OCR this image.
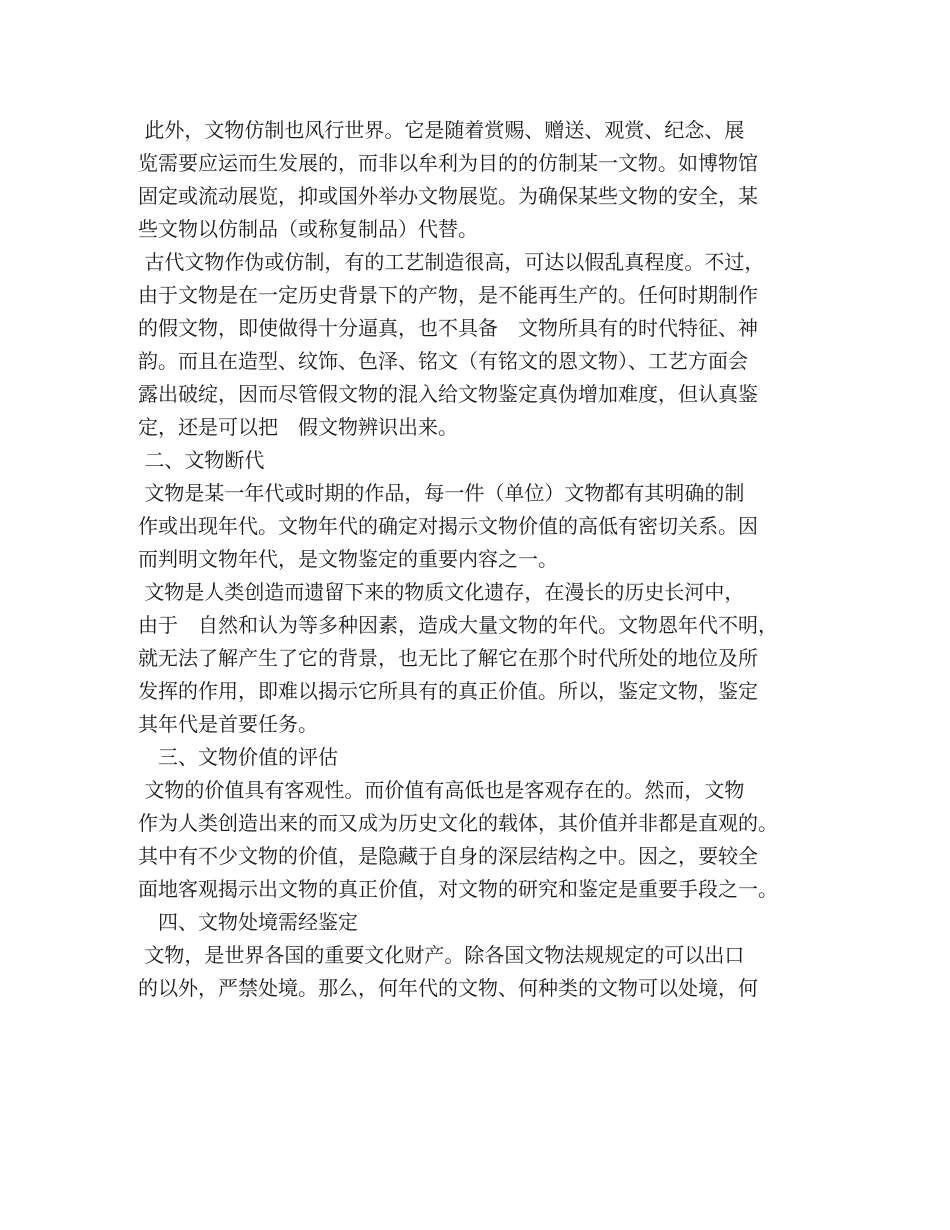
此外，文物仿制也风行世界。它是随着赏赐、赠送、观赏、纪念、展
览需要应运而生发展的，而非以牟利为目的的仿制某一文物。如博物馆
固定或流动展览，抑或国外举办文物展览。为确保某些文物的安全，某
些文物以仿制品（或称复制品）代替。
古代文物作伪或仿制，有的工艺制造很高，可达以假乱真程度。不过，
由于文物是在一定历史背景下的产物，是不能再生产的。任何时期制作
的假文物，即使做得十分逼真，也不具备　文物所具有的时代特征、神
韵。而且在造型、纹饰、色泽、铭文（有铭文的恩文物）、工艺方面会
露出破绽，因而尽管假文物的混入给文物鉴定真伪增加难度，但认真鉴
定，还是可以把　假文物辨识出来。
二、文物断代
文物是某一年代或时期的作品，每一件（单位）文物都有其明确的制
作或出现年代。文物年代的确定对揭示文物价值的高低有密切关系。因
而判明文物年代，是文物鉴定的重要内容之一。
文物是人类创造而遗留下来的物质文化遗存，在漫长的历史长河中，
由于　自然和认为等多种因素，造成大量文物的年代。文物恩年代不明，
就无法了解产生了它的背景，也无比了解它在那个时代所处的地位及所
发挥的作用，即难以揭示它所具有的真正价值。所以，鉴定文物，鉴定
其年代是首要任务。
　三、文物价值的评估
文物的价值具有客观性。而价值有高低也是客观存在的。然而，文物
作为人类创造出来的而又成为历史文化的载体，其价值并非都是直观的。
其中有不少文物的价值，是隐藏于自身的深层结构之中。因之，要较全
面地客观揭示出文物的真正价值，对文物的研究和鉴定是重要手段之一。
　四、文物处境需经鉴定
文物，是世界各国的重要文化财产。除各国文物法规规定的可以出口
的以外，严禁处境。那么，何年代的文物、何种类的文物可以处境，何
